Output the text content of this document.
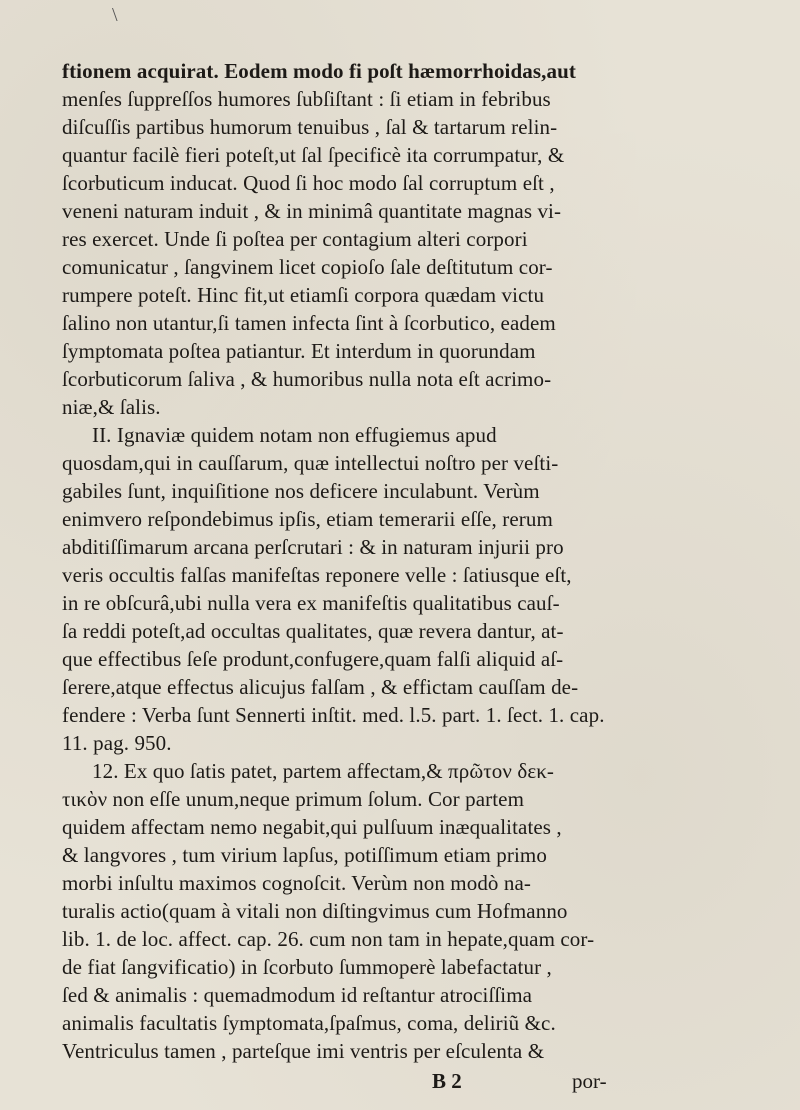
\
ftionem acquirat. Eodem modo fi poſt hæmorrhoidas,aut
menſes ſuppreſſos humores ſubſiſtant : ſi etiam in febribus
diſcuſſis partibus humorum tenuibus , ſal & tartarum relin-
quantur facilè fieri poteſt,ut ſal ſpecificè ita corrumpatur, &
ſcorbuticum inducat. Quod ſi hoc modo ſal corruptum eſt ,
veneni naturam induit , & in minimâ quantitate magnas vi-
res exercet. Unde ſi poſtea per contagium alteri corpori
comunicatur , ſangvinem licet copioſo ſale deſtitutum cor-
rumpere poteſt. Hinc fit,ut etiamſi corpora quædam victu
ſalino non utantur,ſi tamen infecta ſint à ſcorbutico, eadem
ſymptomata poſtea patiantur. Et interdum in quorundam
ſcorbuticorum ſaliva , & humoribus nulla nota eſt acrimo-
niæ,& ſalis.
II. Ignaviæ quidem notam non effugiemus apud
quosdam,qui in cauſſarum, quæ intellectui noſtro per veſti-
gabiles ſunt, inquiſitione nos deficere inculabunt. Verùm
enimvero reſpondebimus ipſis, etiam temerarii eſſe, rerum
abditiſſimarum arcana perſcrutari : & in naturam injurii pro
veris occultis falſas manifeſtas reponere velle : ſatiusque eſt,
in re obſcurâ,ubi nulla vera ex manifeſtis qualitatibus cauſ-
ſa reddi poteſt,ad occultas qualitates, quæ revera dantur, at-
que effectibus ſeſe produnt,confugere,quam falſi aliquid aſ-
ſerere,atque effectus alicujus falſam , & effictam cauſſam de-
fendere : Verba ſunt Sennerti inſtit. med. l.5. part. 1. ſect. 1. cap.
11. pag. 950.
12. Ex quo ſatis patet, partem affectam,& πρῶτον δεκ-
τικὸν non eſſe unum,neque primum ſolum. Cor partem
quidem affectam nemo negabit,qui pulſuum inæqualitates ,
& langvores , tum virium lapſus, potiſſimum etiam primo
morbi inſultu maximos cognoſcit. Verùm non modò na-
turalis actio(quam à vitali non diſtingvimus cum Hofmanno
lib. 1. de loc. affect. cap. 26. cum non tam in hepate,quam cor-
de fiat ſangvificatio) in ſcorbuto ſummoperè labefactatur ,
ſed & animalis : quemadmodum id reſtantur atrociſſima
animalis facultatis ſymptomata,ſpaſmus, coma, deliriũ &c.
Ventriculus tamen , parteſque imi ventris per eſculenta &
B 2	por-
